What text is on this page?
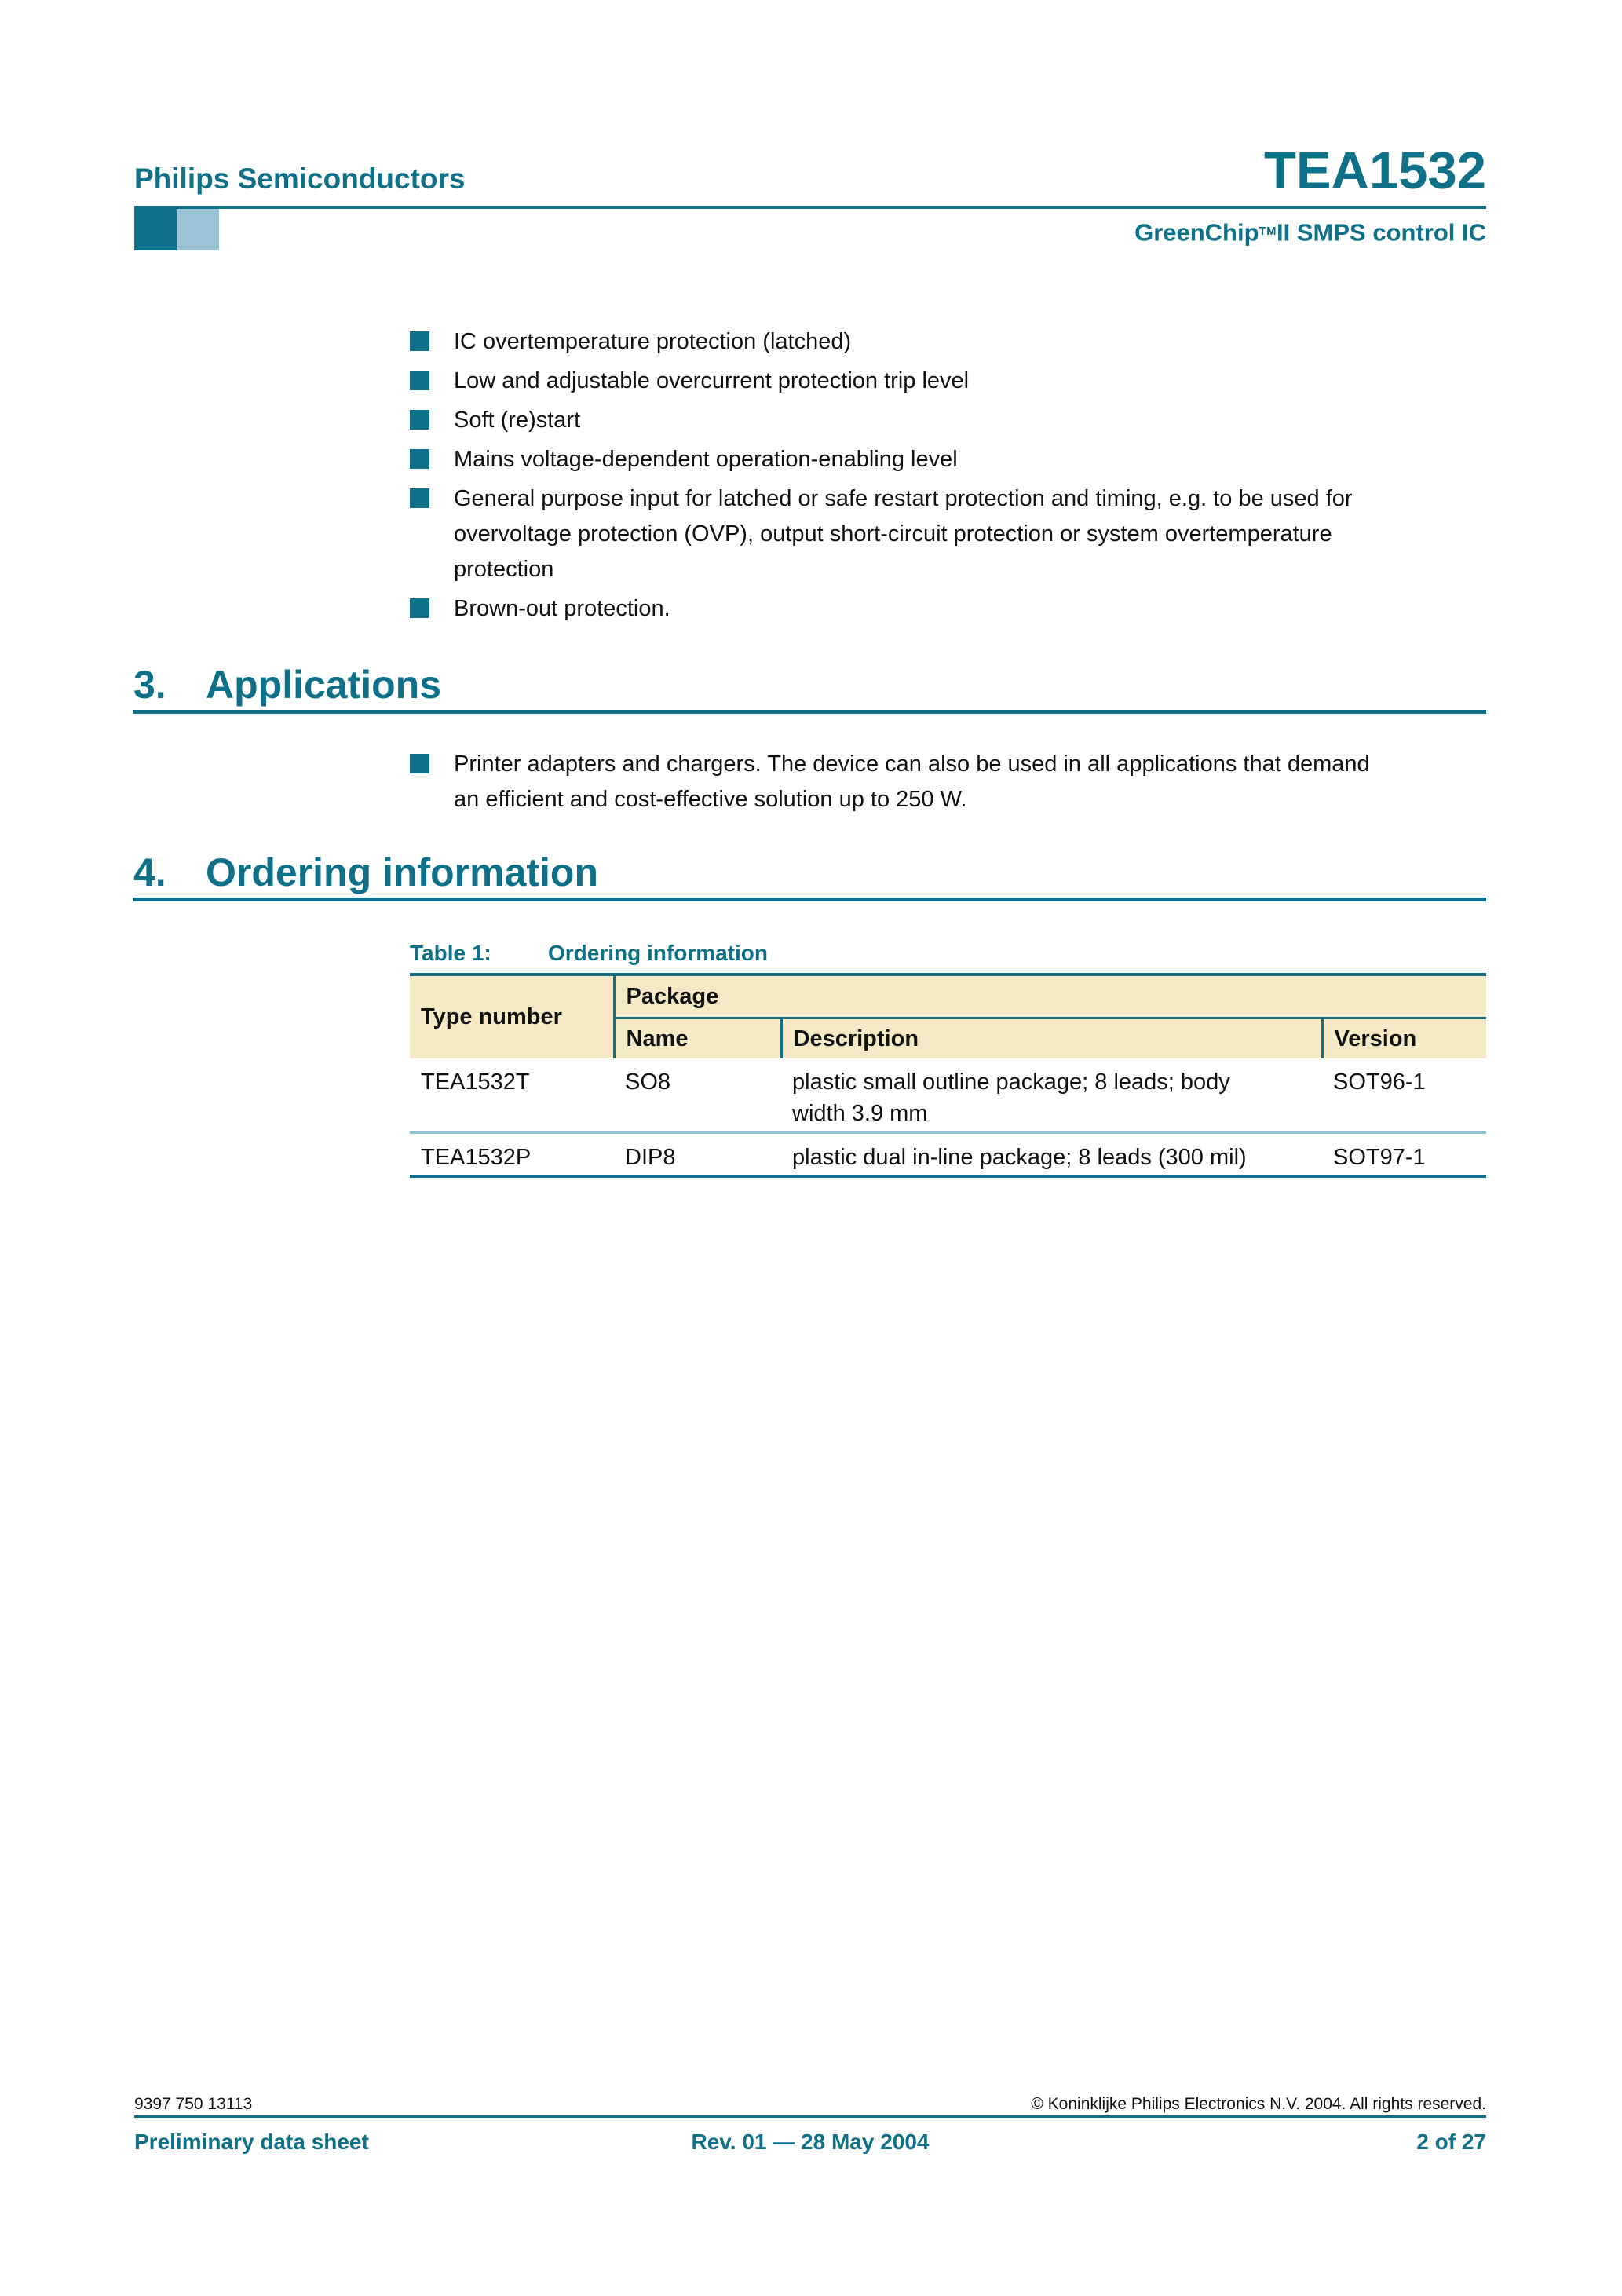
Philips Semiconductors	TEA1532
GreenChip™II SMPS control IC
IC overtemperature protection (latched)
Low and adjustable overcurrent protection trip level
Soft (re)start
Mains voltage-dependent operation-enabling level
General purpose input for latched or safe restart protection and timing, e.g. to be used for overvoltage protection (OVP), output short-circuit protection or system overtemperature protection
Brown-out protection.
3.	Applications
Printer adapters and chargers. The device can also be used in all applications that demand an efficient and cost-effective solution up to 250 W.
4.	Ordering information
Table 1:	Ordering information
Type number	Package		
	Name	Description	Version
TEA1532T	SO8	plastic small outline package; 8 leads; body width 3.9 mm	SOT96-1
TEA1532P	DIP8	plastic dual in-line package; 8 leads (300 mil)	SOT97-1
9397 750 13113	© Koninklijke Philips Electronics N.V. 2004. All rights reserved.
Preliminary data sheet	Rev. 01 — 28 May 2004	2 of 27
